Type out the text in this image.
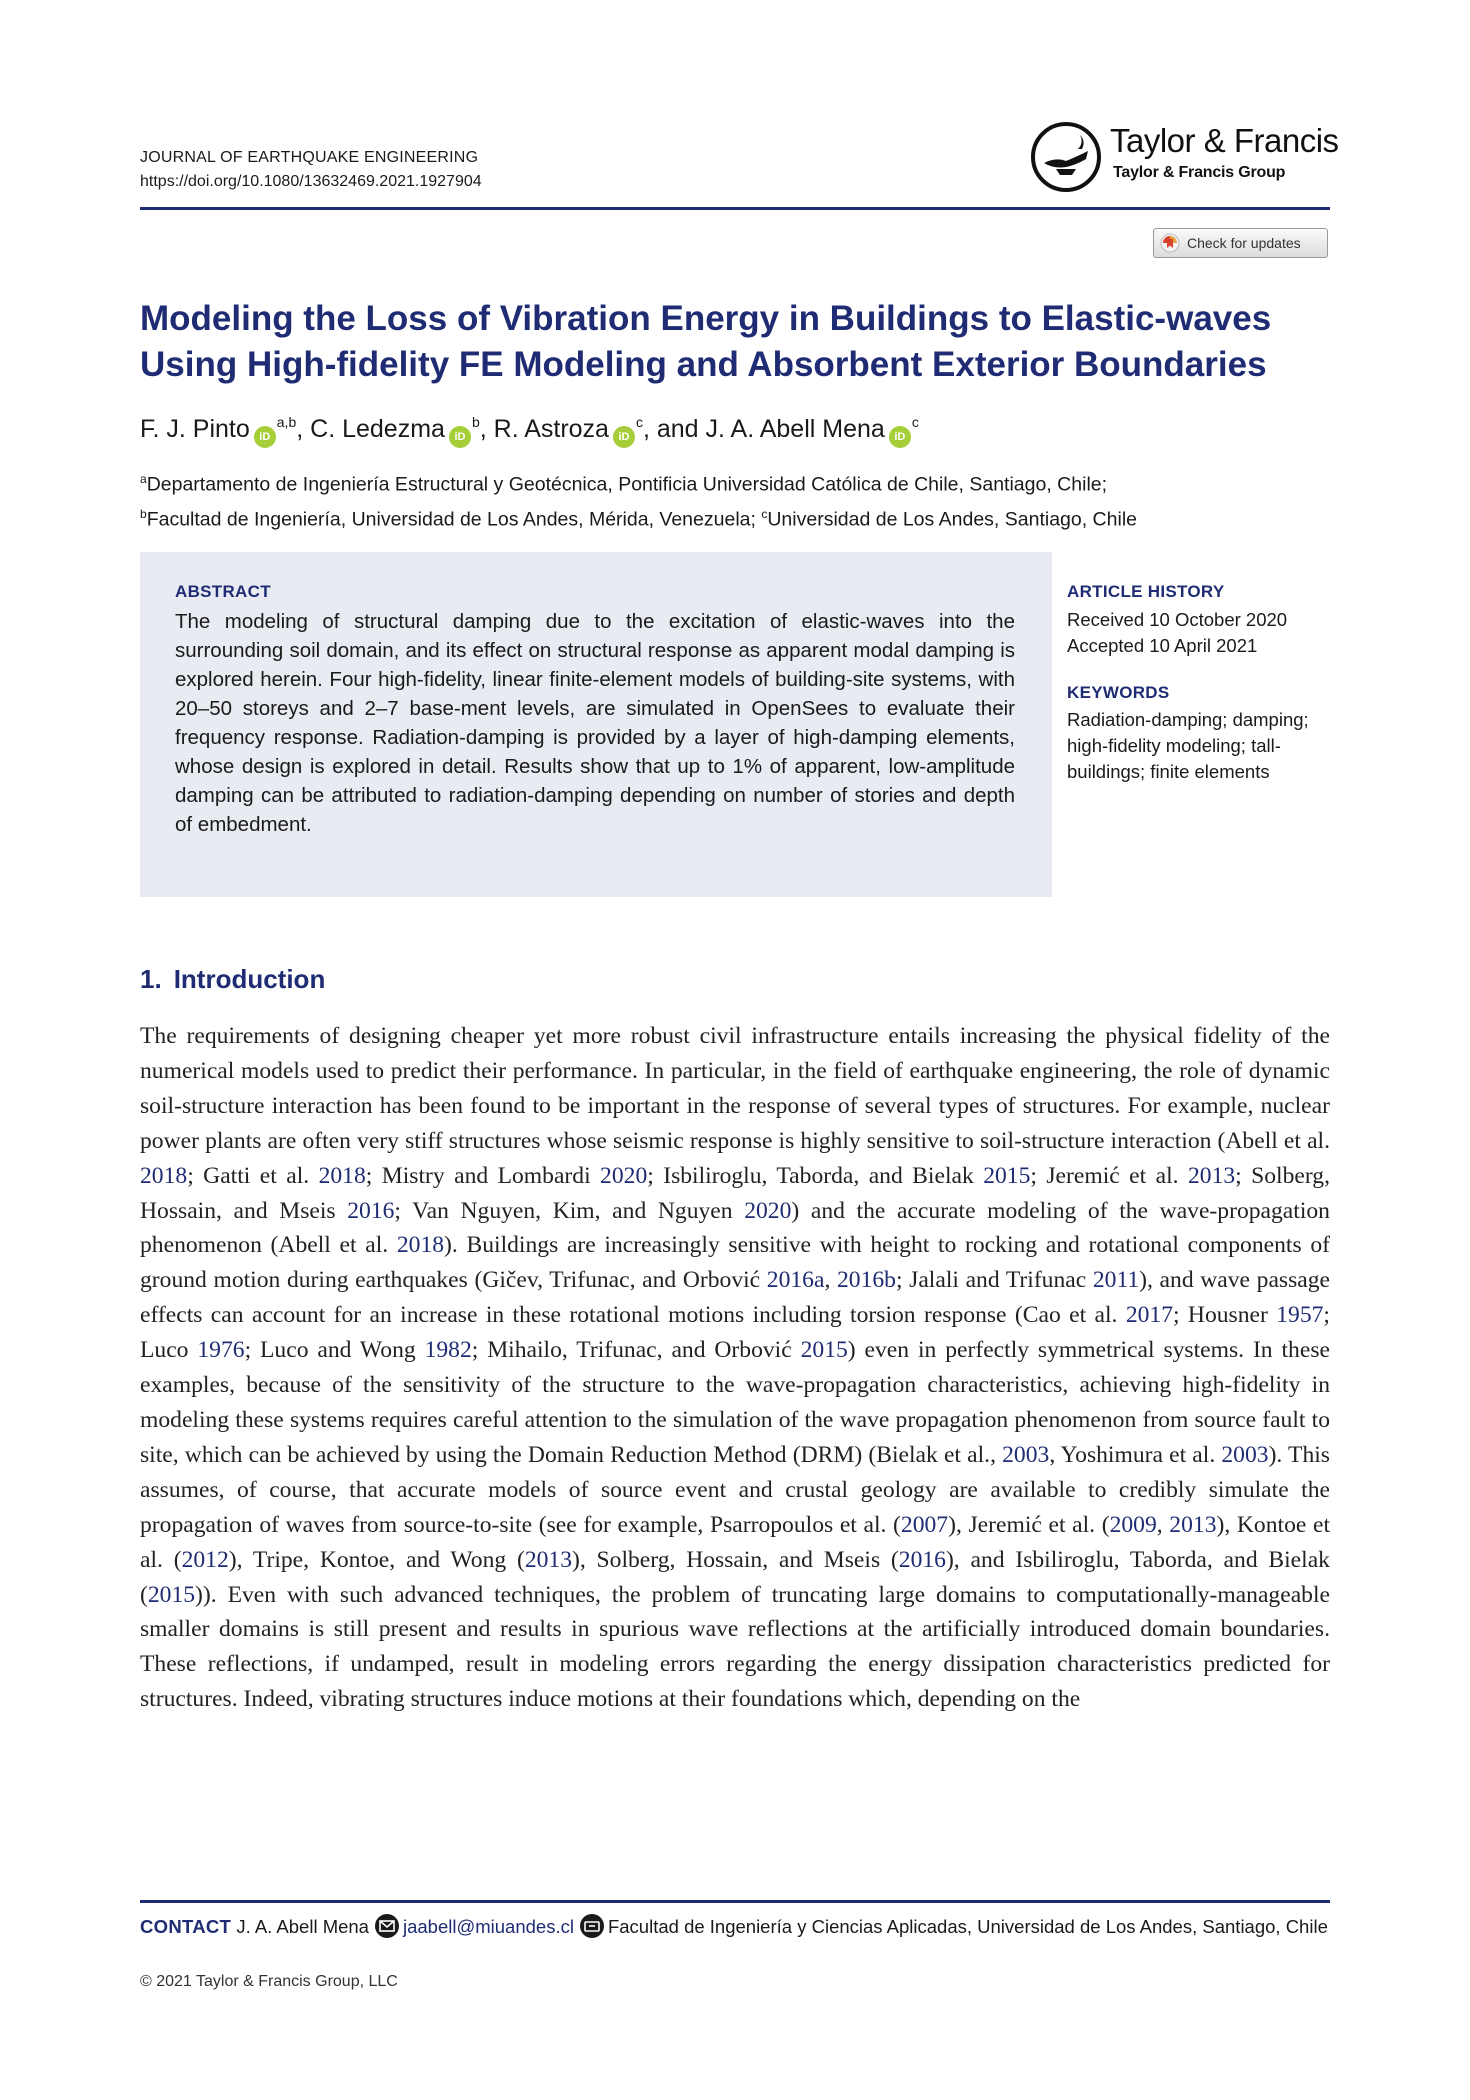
JOURNAL OF EARTHQUAKE ENGINEERING
https://doi.org/10.1080/13632469.2021.1927904
Taylor & Francis
Taylor & Francis Group
Check for updates
Modeling the Loss of Vibration Energy in Buildings to Elastic-waves
Using High-fidelity FE Modeling and Absorbent Exterior Boundaries
F. J. Pinto iD$^{a,b}$, C. Ledezma iD$^b$, R. Astroza iD$^c$, and J. A. Abell Mena iD$^c$
$^a$Departamento de Ingeniería Estructural y Geotécnica, Pontificia Universidad Católica de Chile, Santiago, Chile;
$^b$Facultad de Ingeniería, Universidad de Los Andes, Mérida, Venezuela; $^c$Universidad de Los Andes, Santiago, Chile
ABSTRACT
The modeling of structural damping due to the excitation of elastic-waves into the surrounding soil domain, and its effect on structural response as apparent modal damping is explored herein. Four high-fidelity, linear finite-element models of building-site systems, with 20–50 storeys and 2–7 base-ment levels, are simulated in OpenSees to evaluate their frequency response. Radiation-damping is provided by a layer of high-damping elements, whose design is explored in detail. Results show that up to 1% of apparent, low-amplitude damping can be attributed to radiation-damping depending on number of stories and depth of embedment.
ARTICLE HISTORY
Received 10 October 2020
Accepted 10 April 2021
KEYWORDS
Radiation-damping; damping; high-fidelity modeling; tall-buildings; finite elements
1. Introduction
The requirements of designing cheaper yet more robust civil infrastructure entails increasing the physical fidelity of the numerical models used to predict their performance. In particular, in the field of earthquake engineering, the role of dynamic soil-structure interaction has been found to be important in the response of several types of structures. For example, nuclear power plants are often very stiff structures whose seismic response is highly sensitive to soil-structure interaction (Abell et al. 2018; Gatti et al. 2018; Mistry and Lombardi 2020; Isbiliroglu, Taborda, and Bielak 2015; Jeremić et al. 2013; Solberg, Hossain, and Mseis 2016; Van Nguyen, Kim, and Nguyen 2020) and the accurate modeling of the wave-propagation phenomenon (Abell et al. 2018). Buildings are increasingly sensitive with height to rocking and rotational components of ground motion during earthquakes (Gičev, Trifunac, and Orbović 2016a, 2016b; Jalali and Trifunac 2011), and wave passage effects can account for an increase in these rotational motions including torsion response (Cao et al. 2017; Housner 1957; Luco 1976; Luco and Wong 1982; Mihailo, Trifunac, and Orbović 2015) even in perfectly symmetrical systems. In these examples, because of the sensitivity of the structure to the wave-propagation characteristics, achieving high-fidelity in modeling these systems requires careful attention to the simulation of the wave propagation phenomenon from source fault to site, which can be achieved by using the Domain Reduction Method (DRM) (Bielak et al., 2003, Yoshimura et al. 2003). This assumes, of course, that accurate models of source event and crustal geology are available to credibly simulate the propagation of waves from source-to-site (see for example, Psarropoulos et al. (2007), Jeremić et al. (2009, 2013), Kontoe et al. (2012), Tripe, Kontoe, and Wong (2013), Solberg, Hossain, and Mseis (2016), and Isbiliroglu, Taborda, and Bielak (2015)). Even with such advanced techniques, the problem of truncating large domains to computationally-manageable smaller domains is still present and results in spurious wave reflections at the artificially introduced domain boundaries. These reflections, if undamped, result in modeling errors regarding the energy dissipation characteristics predicted for structures. Indeed, vibrating structures induce motions at their foundations which, depending on the
CONTACT J. A. Abell Mena jaabell@miuandes.cl Facultad de Ingeniería y Ciencias Aplicadas, Universidad de Los Andes, Santiago, Chile
© 2021 Taylor & Francis Group, LLC
